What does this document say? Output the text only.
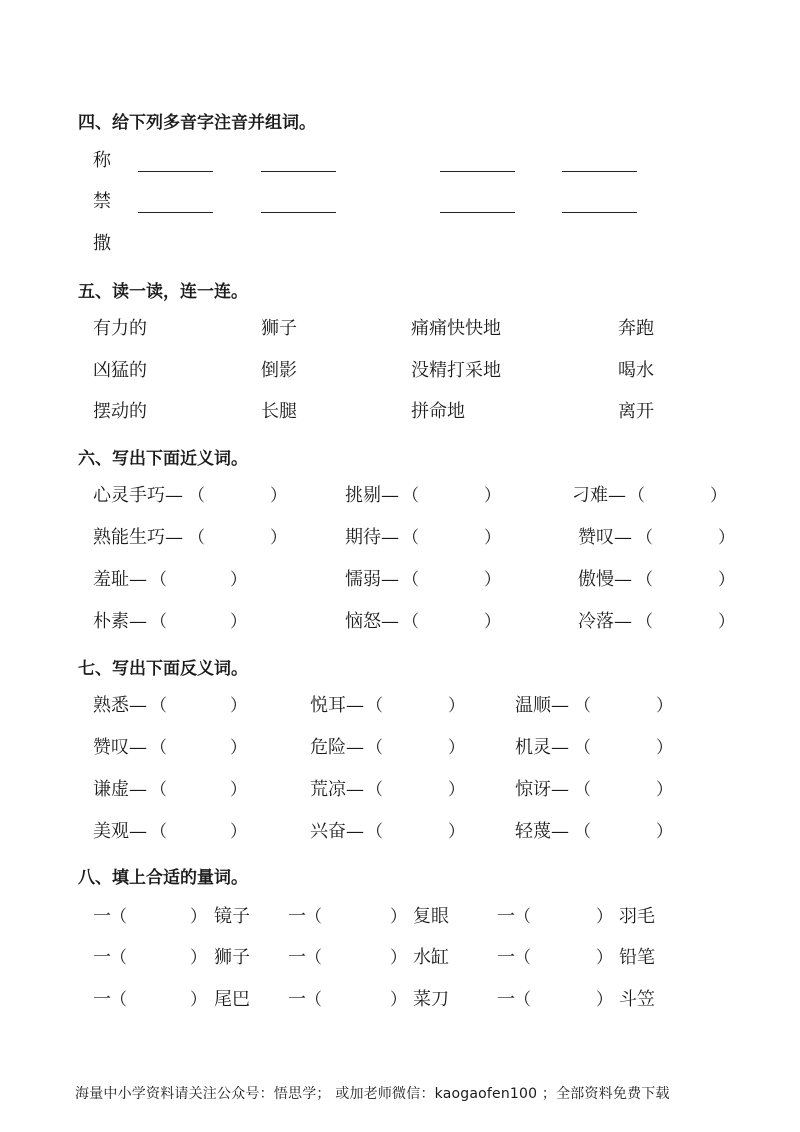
四、给下列多音字注音并组词。
称
禁
撒
五、读一读，连一连。
有力的	狮子	痛痛快快地	奔跑
凶猛的	倒影	没精打采地	喝水
摆动的	长腿	拼命地	离开
六、写出下面近义词。
心灵手巧— （	）	挑剔— （	）	刁难— （	）
熟能生巧— （	）	期待— （	）	赞叹— （	）
羞耻— （	）	懦弱— （	）	傲慢— （	）
朴素— （	）	恼怒— （	）	冷落— （	）
七、写出下面反义词。
熟悉— （	）	悦耳— （	）	温顺— （	）
赞叹— （	）	危险— （	）	机灵— （	）
谦虚— （	）	荒凉— （	）	惊讶— （	）
美观— （	）	兴奋— （	）	轻蔑— （	）
八、填上合适的量词。
一 （	） 镜子 一 （	） 复眼	一 （	） 羽毛
一 （	） 狮子 一 （	） 水缸	一 （	） 铅笔
一 （	） 尾巴 一 （	） 菜刀	一 （	） 斗笠
海量中小学资料请关注公众号：悟思学； 或加老师微信：kaogaofen100 ；全部资料免费下载
